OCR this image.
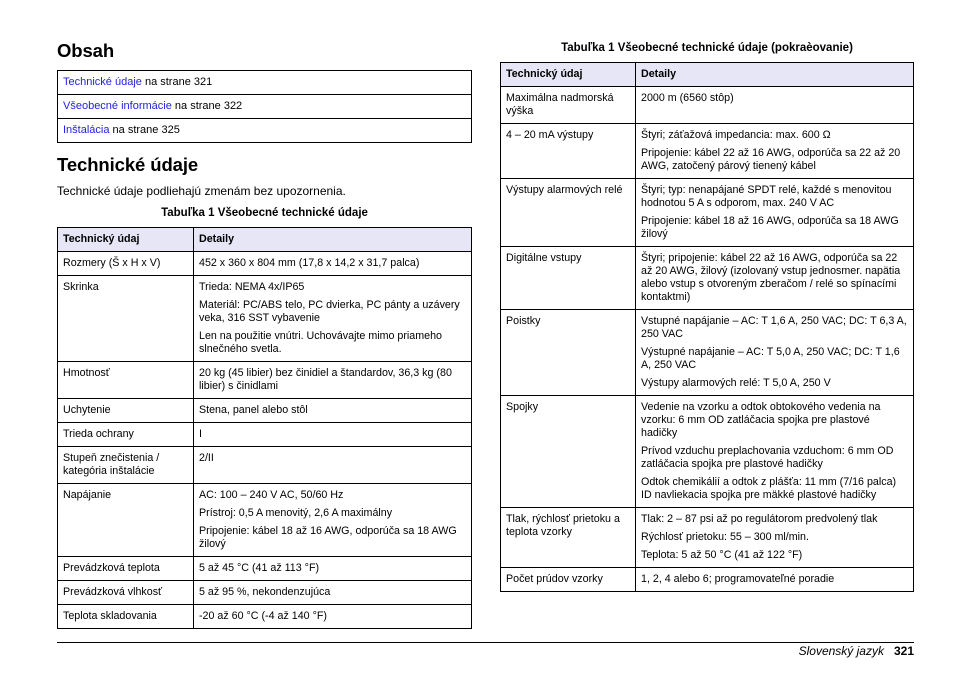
Obsah
Technické údaje na strane 321
Všeobecné informácie na strane 322
Inštalácia na strane 325
Technické údaje
Technické údaje podliehajú zmenám bez upozornenia.
Tabuľka 1 Všeobecné technické údaje
Technický údaj	Detaily
Rozmery (Š x H x V)	452 x 360 x 804 mm (17,8 x 14,2 x 31,7 palca)

Skrinka	Trieda: NEMA 4x/IP65
Materiál: PC/ABS telo, PC dvierka, PC pánty a uzávery veka, 316 SST vybavenie
Len na použitie vnútri. Uchovávajte mimo priameho slnečného svetla.

Hmotnosť	20 kg (45 libier) bez činidiel a štandardov, 36,3 kg (80 libier) s činidlami

Uchytenie	Stena, panel alebo stôl

Trieda ochrany	I

Stupeň znečistenia / kategória inštalácie	2/II

Napájanie	AC: 100 – 240 V AC, 50/60 Hz
Prístroj: 0,5 A menovitý, 2,6 A maximálny
Pripojenie: kábel 18 až 16 AWG, odporúča sa 18 AWG žilový

Prevádzková teplota	5 až 45 °C (41 až 113 °F)

Prevádzková vlhkosť	5 až 95 %, nekondenzujúca

Teplota skladovania	-20 až 60 °C (-4 až 140 °F)
Tabuľka 1 Všeobecné technické údaje (pokraèovanie)
Technický údaj	Detaily
Maximálna nadmorská výška	2000 m (6560 stôp)

4 – 20 mA výstupy	Štyri; záťažová impedancia: max. 600 Ω
Pripojenie: kábel 22 až 16 AWG, odporúča sa 22 až 20 AWG, zatočený párový tienený kábel

Výstupy alarmových relé	Štyri; typ: nenapájané SPDT relé, každé s menovitou hodnotou 5 A s odporom, max. 240 V AC
Pripojenie: kábel 18 až 16 AWG, odporúča sa 18 AWG žilový

Digitálne vstupy	Štyri; pripojenie: kábel 22 až 16 AWG, odporúča sa 22 až 20 AWG, žilový (izolovaný vstup jednosmer. napätia alebo vstup s otvoreným zberačom / relé so spínacími kontaktmi)

Poistky	Vstupné napájanie – AC: T 1,6 A, 250 VAC; DC: T 6,3 A, 250 VAC
Výstupné napájanie – AC: T 5,0 A, 250 VAC; DC: T 1,6 A, 250 VAC
Výstupy alarmových relé: T 5,0 A, 250 V

Spojky	Vedenie na vzorku a odtok obtokového vedenia na vzorku: 6 mm OD zatláčacia spojka pre plastové hadičky
Prívod vzduchu preplachovania vzduchom: 6 mm OD zatláčacia spojka pre plastové hadičky
Odtok chemikálií a odtok z plášťa: 11 mm (7/16 palca) ID navliekacia spojka pre mäkké plastové hadičky

Tlak, rýchlosť prietoku a teplota vzorky	Tlak: 2 – 87 psi až po regulátorom predvolený tlak
Rýchlosť prietoku: 55 – 300 ml/min.
Teplota: 5 až 50 °C (41 až 122 °F)

Počet prúdov vzorky	1, 2, 4 alebo 6; programovateľné poradie
Slovenský jazyk 321
